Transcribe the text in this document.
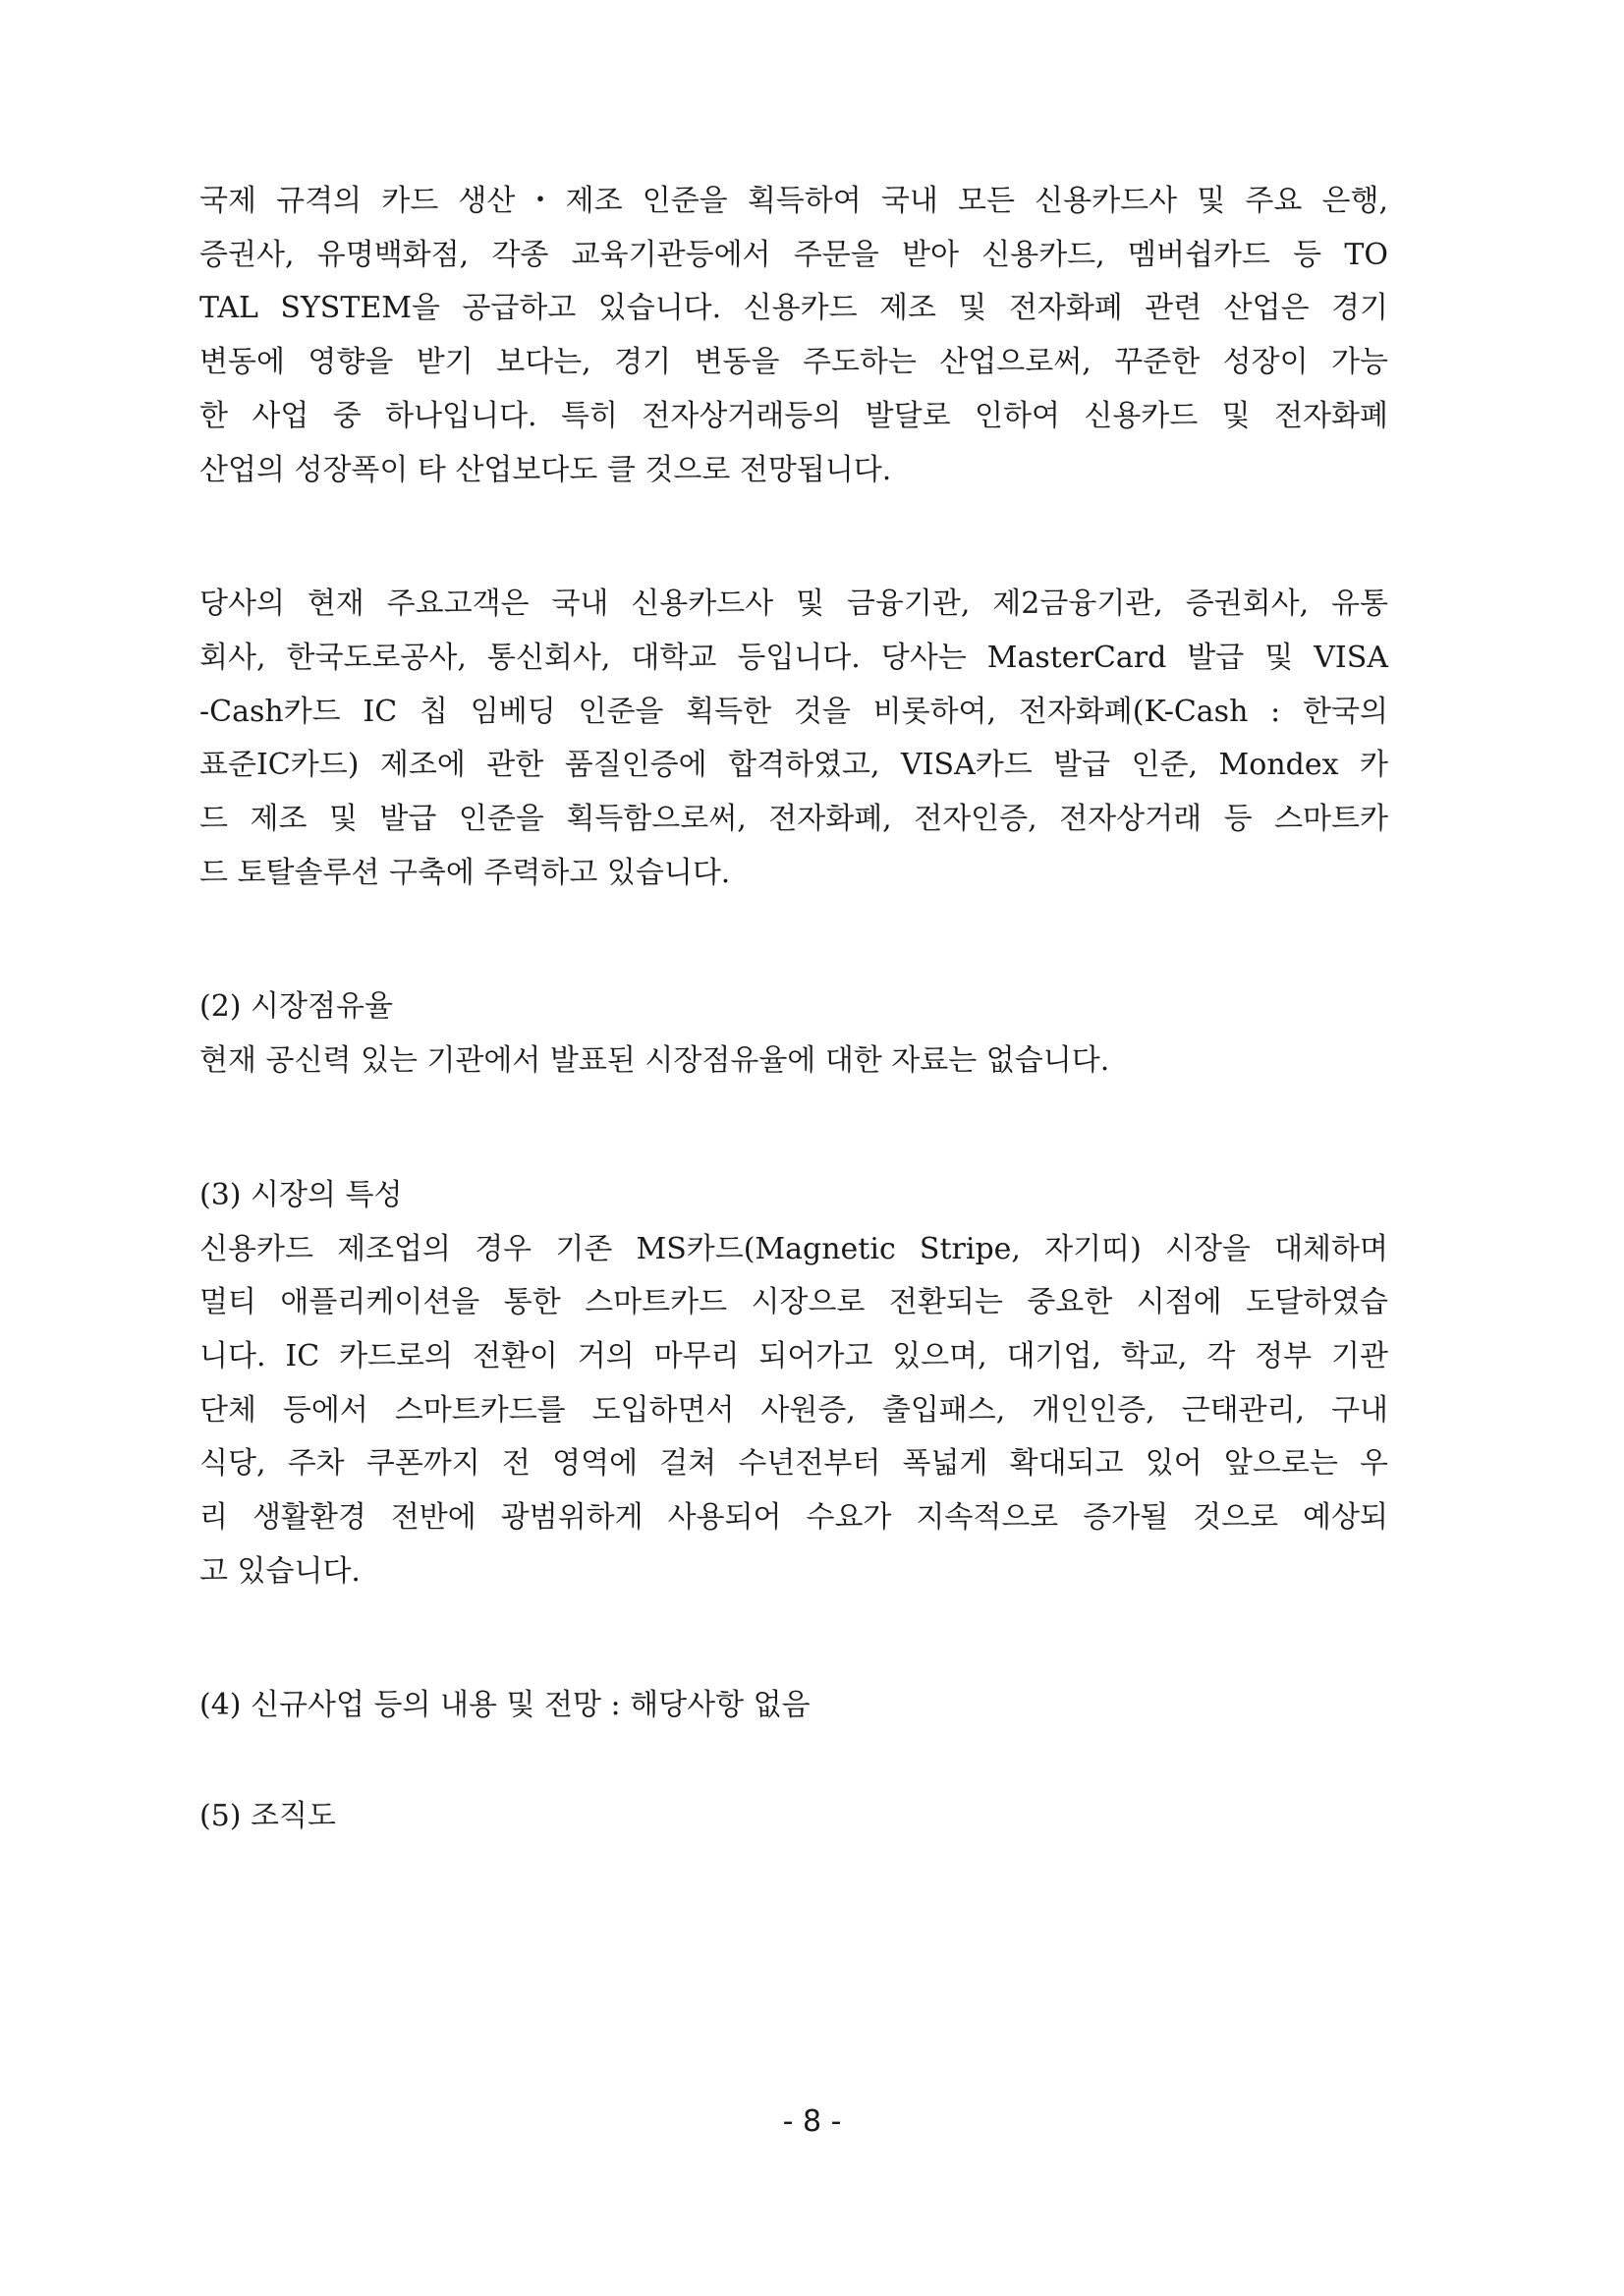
국제 규격의 카드 생산・제조 인준을 획득하여 국내 모든 신용카드사 및 주요 은행,
증권사, 유명백화점, 각종 교육기관등에서 주문을 받아 신용카드, 멤버쉽카드 등 TO
TAL SYSTEM을 공급하고 있습니다. 신용카드 제조 및 전자화폐 관련 산업은 경기
변동에 영향을 받기 보다는, 경기 변동을 주도하는 산업으로써, 꾸준한 성장이 가능
한 사업 중 하나입니다. 특히 전자상거래등의 발달로 인하여 신용카드 및 전자화폐
산업의 성장폭이 타 산업보다도 클 것으로 전망됩니다.
당사의 현재 주요고객은 국내 신용카드사 및 금융기관, 제2금융기관, 증권회사, 유통
회사, 한국도로공사, 통신회사, 대학교 등입니다. 당사는 MasterCard 발급 및 VISA
-Cash카드 IC 칩 임베딩 인준을 획득한 것을 비롯하여, 전자화폐(K-Cash : 한국의
표준IC카드) 제조에 관한 품질인증에 합격하였고, VISA카드 발급 인준, Mondex 카
드 제조 및 발급 인준을 획득함으로써, 전자화폐, 전자인증, 전자상거래 등 스마트카
드 토탈솔루션 구축에 주력하고 있습니다.
(2) 시장점유율
현재 공신력 있는 기관에서 발표된 시장점유율에 대한 자료는 없습니다.
(3) 시장의 특성
신용카드 제조업의 경우 기존 MS카드(Magnetic Stripe, 자기띠) 시장을 대체하며
멀티 애플리케이션을 통한 스마트카드 시장으로 전환되는 중요한 시점에 도달하였습
니다. IC 카드로의 전환이 거의 마무리 되어가고 있으며, 대기업, 학교, 각 정부 기관
단체 등에서 스마트카드를 도입하면서 사원증, 출입패스, 개인인증, 근태관리, 구내
식당, 주차 쿠폰까지 전 영역에 걸쳐 수년전부터 폭넓게 확대되고 있어 앞으로는 우
리 생활환경 전반에 광범위하게 사용되어 수요가 지속적으로 증가될 것으로 예상되
고 있습니다.
(4) 신규사업 등의 내용 및 전망 : 해당사항 없음
(5) 조직도
- 8 -
